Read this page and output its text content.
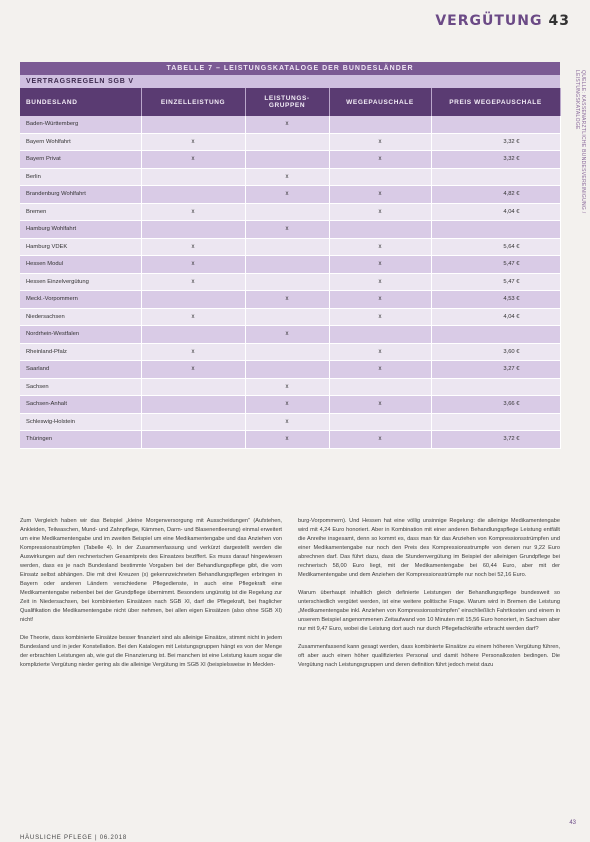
VERGÜTUNG 43
QUELLE: KASSENÄRZTLICHE BUNDESVEREINIGUNG / LEISTUNGSKATALOGE
TABELLE 7 – LEISTUNGSKATALOGE DER BUNDESLÄNDER
VERTRAGSREGELN SGB V
BUNDESLAND	EINZELLEISTUNG	LEISTUNGS-GRUPPEN	WEGEPAUSCHALE	PREIS WEGEPAUSCHALE
Baden-Württemberg		x		
Bayern Wohlfahrt	x		x	3,32 €
Bayern Privat	x		x	3,32 €
Berlin		x		
Brandenburg Wohlfahrt		x	x	4,82 €
Bremen	x		x	4,04 €
Hamburg Wohlfahrt		x		
Hamburg VDEK	x		x	5,64 €
Hessen Modul	x		x	5,47 €
Hessen Einzelvergütung	x		x	5,47 €
Meckl.-Vorpommern		x	x	4,53 €
Niedersachsen	x		x	4,04 €
Nordrhein-Westfalen		x		
Rheinland-Pfalz	x		x	3,60 €
Saarland	x		x	3,27 €
Sachsen		x		
Sachsen-Anhalt		x	x	3,66 €
Schleswig-Holstein		x		
Thüringen		x	x	3,72 €

Zum Vergleich haben wir das Beispiel „kleine Morgenversorgung mit Ausscheidungen“ (Aufstehen, Ankleiden, Teilwaschen, Mund- und Zahnpflege, Kämmen, Darm- und Blasenentleerung) einmal erweitert um eine Medikamentengabe und im zweiten Beispiel um eine Medikamentengabe und das Anziehen von Kompressionsstrümpfen (Tabelle 4). In der Zusammenfassung und verkürzt dargestellt werden die Auswirkungen auf den rechnerischen Gesamtpreis des Einsatzes beziffert. Es muss darauf hingewiesen werden, dass es je nach Bundesland bestimmte Vorgaben bei der Behandlungspflege gibt, die vom Einsatz selbst abhängen. Die mit drei Kreuzen (x) gekennzeichneten Behandlungspflegen erbringen in Bayern oder anderen Ländern verschiedene Pflegedienste, in auch eine Pflegekraft eine Medikamentengabe nebenbei bei der Grundpflege übernimmt. Besonders ungünstig ist die Regelung zur Zeit in Niedersachsen, bei kombinierten Einsätzen nach SGB XI, darf die Pflegekraft, bei fraglicher Qualifikation die Medikamentengabe nicht über nehmen, bei allen eigen Einsätzen (also ohne SGB XI) nicht!

Die Theorie, dass kombinierte Einsätze besser finanziert sind als alleinige Einsätze, stimmt nicht in jedem Bundesland und in jeder Konstellation. Bei den Katalogen mit Leistungsgruppen hängt es von der Menge der erbrachten Leistungen ab, wie gut die Finanzierung ist. Bei manchen ist eine Leistung kaum sogar die komplizierte Vergütung nieder gering als die alleinige Vergütung im SGB XI (beispielsweise in Mecklen-

burg-Vorpommern). Und Hessen hat eine völlig unsinnige Regelung: die alleinige Medikamentengabe wird mit 4,24 Euro honoriert. Aber in Kombination mit einer anderen Behandlungspflege Leistung entfällt die Anreihe insgesamt, denn so kommt es, dass man für das Anziehen von Kompressionsstrümpfen und einer Medikamentengabe nur noch den Preis des Kompressionsstrumpfe von denen nur 9,22 Euro abrechnen darf. Das führt dazu, dass die Stundenvergütung im Beispiel der alleinigen Grundpflege bei rechnerisch 58,00 Euro liegt, mit der Medikamentengabe bei 60,44 Euro, aber mit der Medikamentengabe und dem Anziehen der Kompressionsstrümpfe nur noch bei 52,16 Euro.

Warum überhaupt inhaltlich gleich definierte Leistungen der Behandlungspflege bundesweit so unterschiedlich vergütet werden, ist eine weitere politische Frage. Warum wird in Bremen die Leistung „Medikamentengabe inkl. Anziehen von Kompressionsstrümpfen“ einschließlich Fahrtkosten und einem in unserem Beispiel angenommenen Zeitaufwand von 10 Minuten mit 15,56 Euro honoriert, in Sachsen aber nur mit 9,47 Euro, wobei die Leistung dort auch nur durch Pflegefachkräfte erbracht werden darf?

Zusammenfassend kann gesagt werden, dass kombinierte Einsätze zu einem höheren Vergütung führen, oft aber auch einen höher qualifiziertes Personal und damit höhere Personalkosten bedingen. Die Vergütung nach Leistungsgruppen und deren definition führt jedoch meist dazu

HÄUSLICHE PFLEGE | 06.2018
43
